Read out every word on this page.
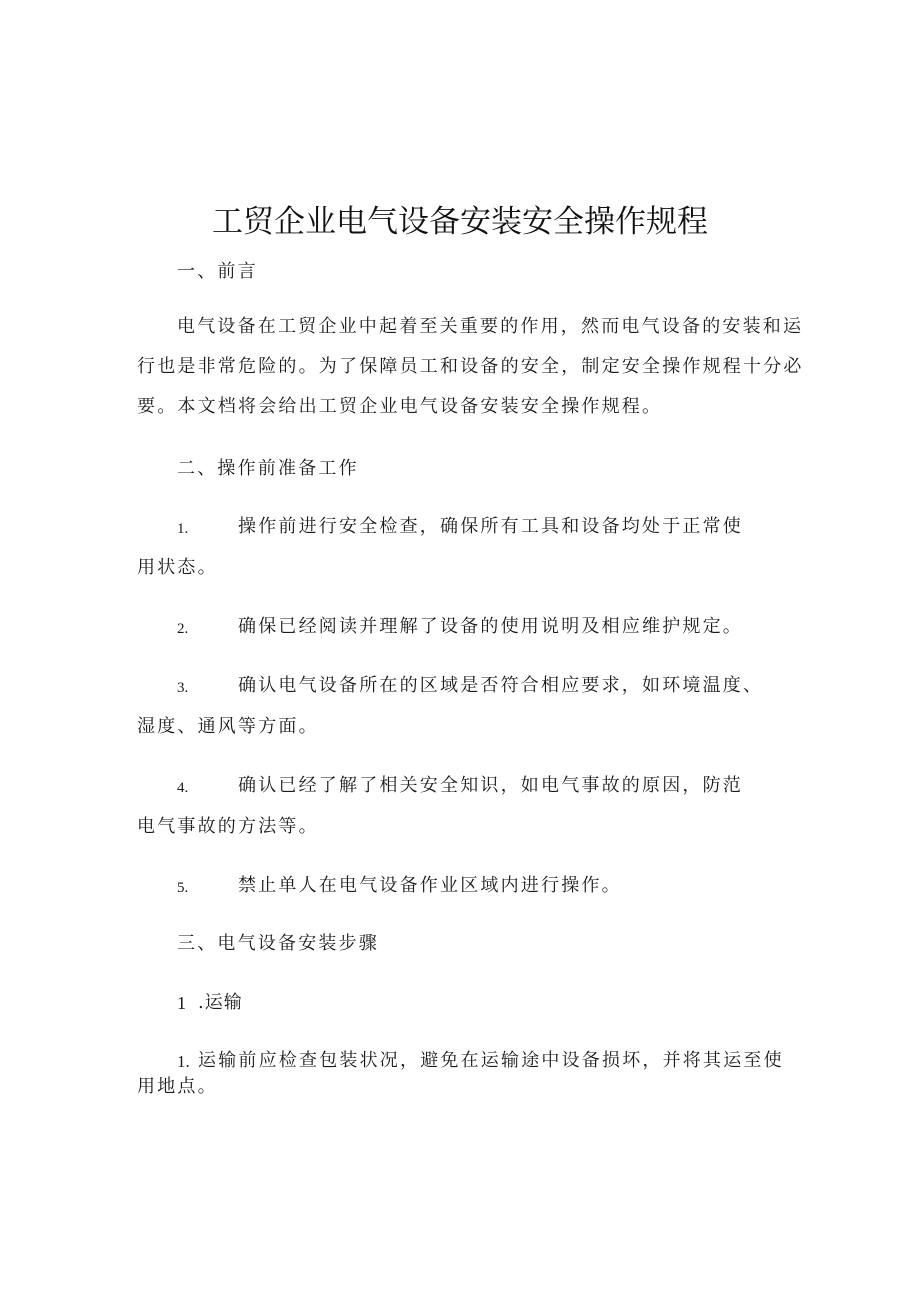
工贸企业电气设备安装安全操作规程
一、前言
电气设备在工贸企业中起着至关重要的作用，然而电气设备的安装和运
行也是非常危险的。为了保障员工和设备的安全，制定安全操作规程十分必
要。本文档将会给出工贸企业电气设备安装安全操作规程。
二、操作前准备工作
1.	操作前进行安全检查，确保所有工具和设备均处于正常使
用状态。
2.	确保已经阅读并理解了设备的使用说明及相应维护规定。
3.	确认电气设备所在的区域是否符合相应要求，如环境温度、
湿度、通风等方面。
4.	确认已经了解了相关安全知识，如电气事故的原因，防范
电气事故的方法等。
5.	禁止单人在电气设备作业区域内进行操作。
三、电气设备安装步骤
1 .运输
1. 运输前应检查包装状况，避免在运输途中设备损坏，并将其运至使
用地点。
